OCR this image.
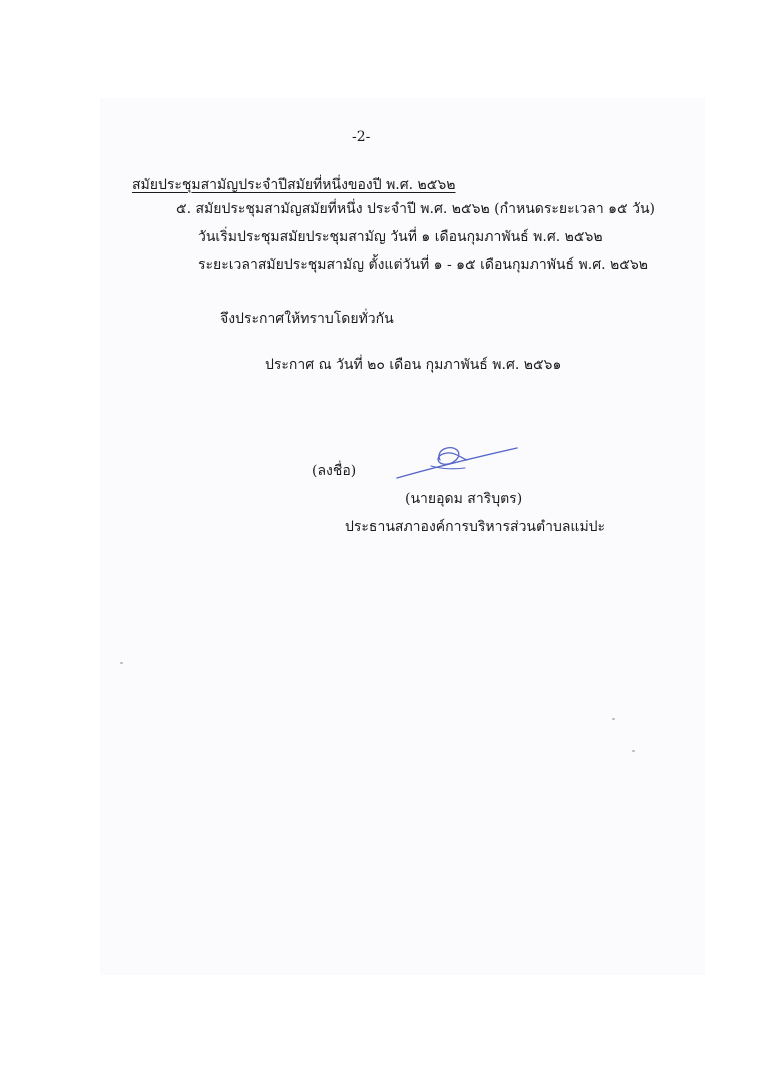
-2-
สมัยประชุมสามัญประจำปีสมัยที่หนึ่งของปี พ.ศ. ๒๕๖๒
๕. สมัยประชุมสามัญสมัยที่หนึ่ง ประจำปี พ.ศ. ๒๕๖๒ (กำหนดระยะเวลา ๑๕ วัน)
วันเริ่มประชุมสมัยประชุมสามัญ วันที่ ๑ เดือนกุมภาพันธ์ พ.ศ. ๒๕๖๒
ระยะเวลาสมัยประชุมสามัญ ตั้งแต่วันที่ ๑ - ๑๕ เดือนกุมภาพันธ์ พ.ศ. ๒๕๖๒
จึงประกาศให้ทราบโดยทั่วกัน
ประกาศ ณ วันที่ ๒๐ เดือน กุมภาพันธ์ พ.ศ. ๒๕๖๑
(ลงชื่อ)
(นายอุดม สาริบุตร)
ประธานสภาองค์การบริหารส่วนตำบลแม่ปะ
